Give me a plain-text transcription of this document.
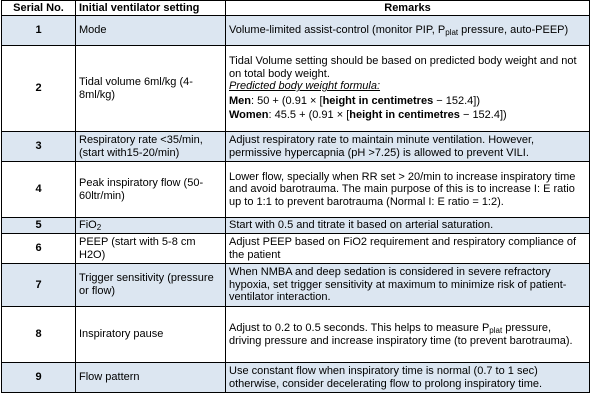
Serial No.	Initial ventilator setting	Remarks
1	Mode	Volume-limited assist-control (monitor PIP, $P_{plat}$ pressure, auto-PEEP)
2	Tidal volume 6ml/kg (4-8ml/kg)	Tidal Volume setting should be based on predicted body weight and not on total body weight.
Predicted body weight formula:
Men: 50 + (0.91 × [height in centimetres − 152.4])
Women: 45.5 + (0.91 × [height in centimetres − 152.4])

3	Respiratory rate <35/min, (start with15-20/min)	Adjust respiratory rate to maintain minute ventilation. However, permissive hypercapnia (pH >7.25) is allowed to prevent VILI.
4	Peak inspiratory flow (50-60ltr/min)	Lower flow, specially when RR set > 20/min to increase inspiratory time and avoid barotrauma. The main purpose of this is to increase I: E ratio up to 1:1 to prevent barotrauma (Normal I: E ratio = 1:2).
5	FiO$_2$	Start with 0.5 and titrate it based on arterial saturation.
6	PEEP (start with 5-8 cm H2O)	Adjust PEEP based on FiO2 requirement and respiratory compliance of the patient
7	Trigger sensitivity (pressure or flow)	When NMBA and deep sedation is considered in severe refractory hypoxia, set trigger sensitivity at maximum to minimize risk of patient- ventilator interaction.
8	Inspiratory pause	Adjust to 0.2 to 0.5 seconds. This helps to measure $P_{plat}$ pressure, driving pressure and increase inspiratory time (to prevent barotrauma).
9	Flow pattern	Use constant flow when inspiratory time is normal (0.7 to 1 sec) otherwise, consider decelerating flow to prolong inspiratory time.
